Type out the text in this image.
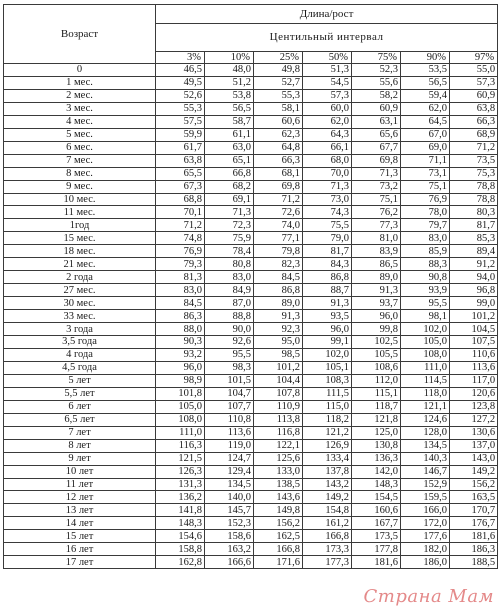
Возраст	Длина/рост						
	Центильный интервал						
	3%	10%	25%	50%	75%	90%	97%
0	46,5	48,0	49,8	51,3	52,3	53,5	55,0
1 мес.	49,5	51,2	52,7	54,5	55,6	56,5	57,3
2 мес.	52,6	53,8	55,3	57,3	58,2	59,4	60,9
3 мес.	55,3	56,5	58,1	60,0	60,9	62,0	63,8
4 мес.	57,5	58,7	60,6	62,0	63,1	64,5	66,3
5 мес.	59,9	61,1	62,3	64,3	65,6	67,0	68,9
6 мес.	61,7	63,0	64,8	66,1	67,7	69,0	71,2
7 мес.	63,8	65,1	66,3	68,0	69,8	71,1	73,5
8 мес.	65,5	66,8	68,1	70,0	71,3	73,1	75,3
9 мес.	67,3	68,2	69,8	71,3	73,2	75,1	78,8
10 мес.	68,8	69,1	71,2	73,0	75,1	76,9	78,8
11 мес.	70,1	71,3	72,6	74,3	76,2	78,0	80,3
1год	71,2	72,3	74,0	75,5	77,3	79,7	81,7
15 мес.	74,8	75,9	77,1	79,0	81,0	83,0	85,3
18 мес.	76,9	78,4	79,8	81,7	83,9	85,9	89,4
21 мес.	79,3	80,8	82,3	84,3	86,5	88,3	91,2
2 года	81,3	83,0	84,5	86,8	89,0	90,8	94,0
27 мес.	83,0	84,9	86,8	88,7	91,3	93,9	96,8
30 мес.	84,5	87,0	89,0	91,3	93,7	95,5	99,0
33 мес.	86,3	88,8	91,3	93,5	96,0	98,1	101,2
3 года	88,0	90,0	92,3	96,0	99,8	102,0	104,5
3,5 года	90,3	92,6	95,0	99,1	102,5	105,0	107,5
4 года	93,2	95,5	98,5	102,0	105,5	108,0	110,6
4,5 года	96,0	98,3	101,2	105,1	108,6	111,0	113,6
5 лет	98,9	101,5	104,4	108,3	112,0	114,5	117,0
5,5 лет	101,8	104,7	107,8	111,5	115,1	118,0	120,6
6 лет	105,0	107,7	110,9	115,0	118,7	121,1	123,8
6,5 лет	108,0	110,8	113,8	118,2	121,8	124,6	127,2
7 лет	111,0	113,6	116,8	121,2	125,0	128,0	130,6
8 лет	116,3	119,0	122,1	126,9	130,8	134,5	137,0
9 лет	121,5	124,7	125,6	133,4	136,3	140,3	143,0
10 лет	126,3	129,4	133,0	137,8	142,0	146,7	149,2
11 лет	131,3	134,5	138,5	143,2	148,3	152,9	156,2
12 лет	136,2	140,0	143,6	149,2	154,5	159,5	163,5
13 лет	141,8	145,7	149,8	154,8	160,6	166,0	170,7
14 лет	148,3	152,3	156,2	161,2	167,7	172,0	176,7
15 лет	154,6	158,6	162,5	166,8	173,5	177,6	181,6
16 лет	158,8	163,2	166,8	173,3	177,8	182,0	186,3
17 лет	162,8	166,6	171,6	177,3	181,6	186,0	188,5
Страна Мам
